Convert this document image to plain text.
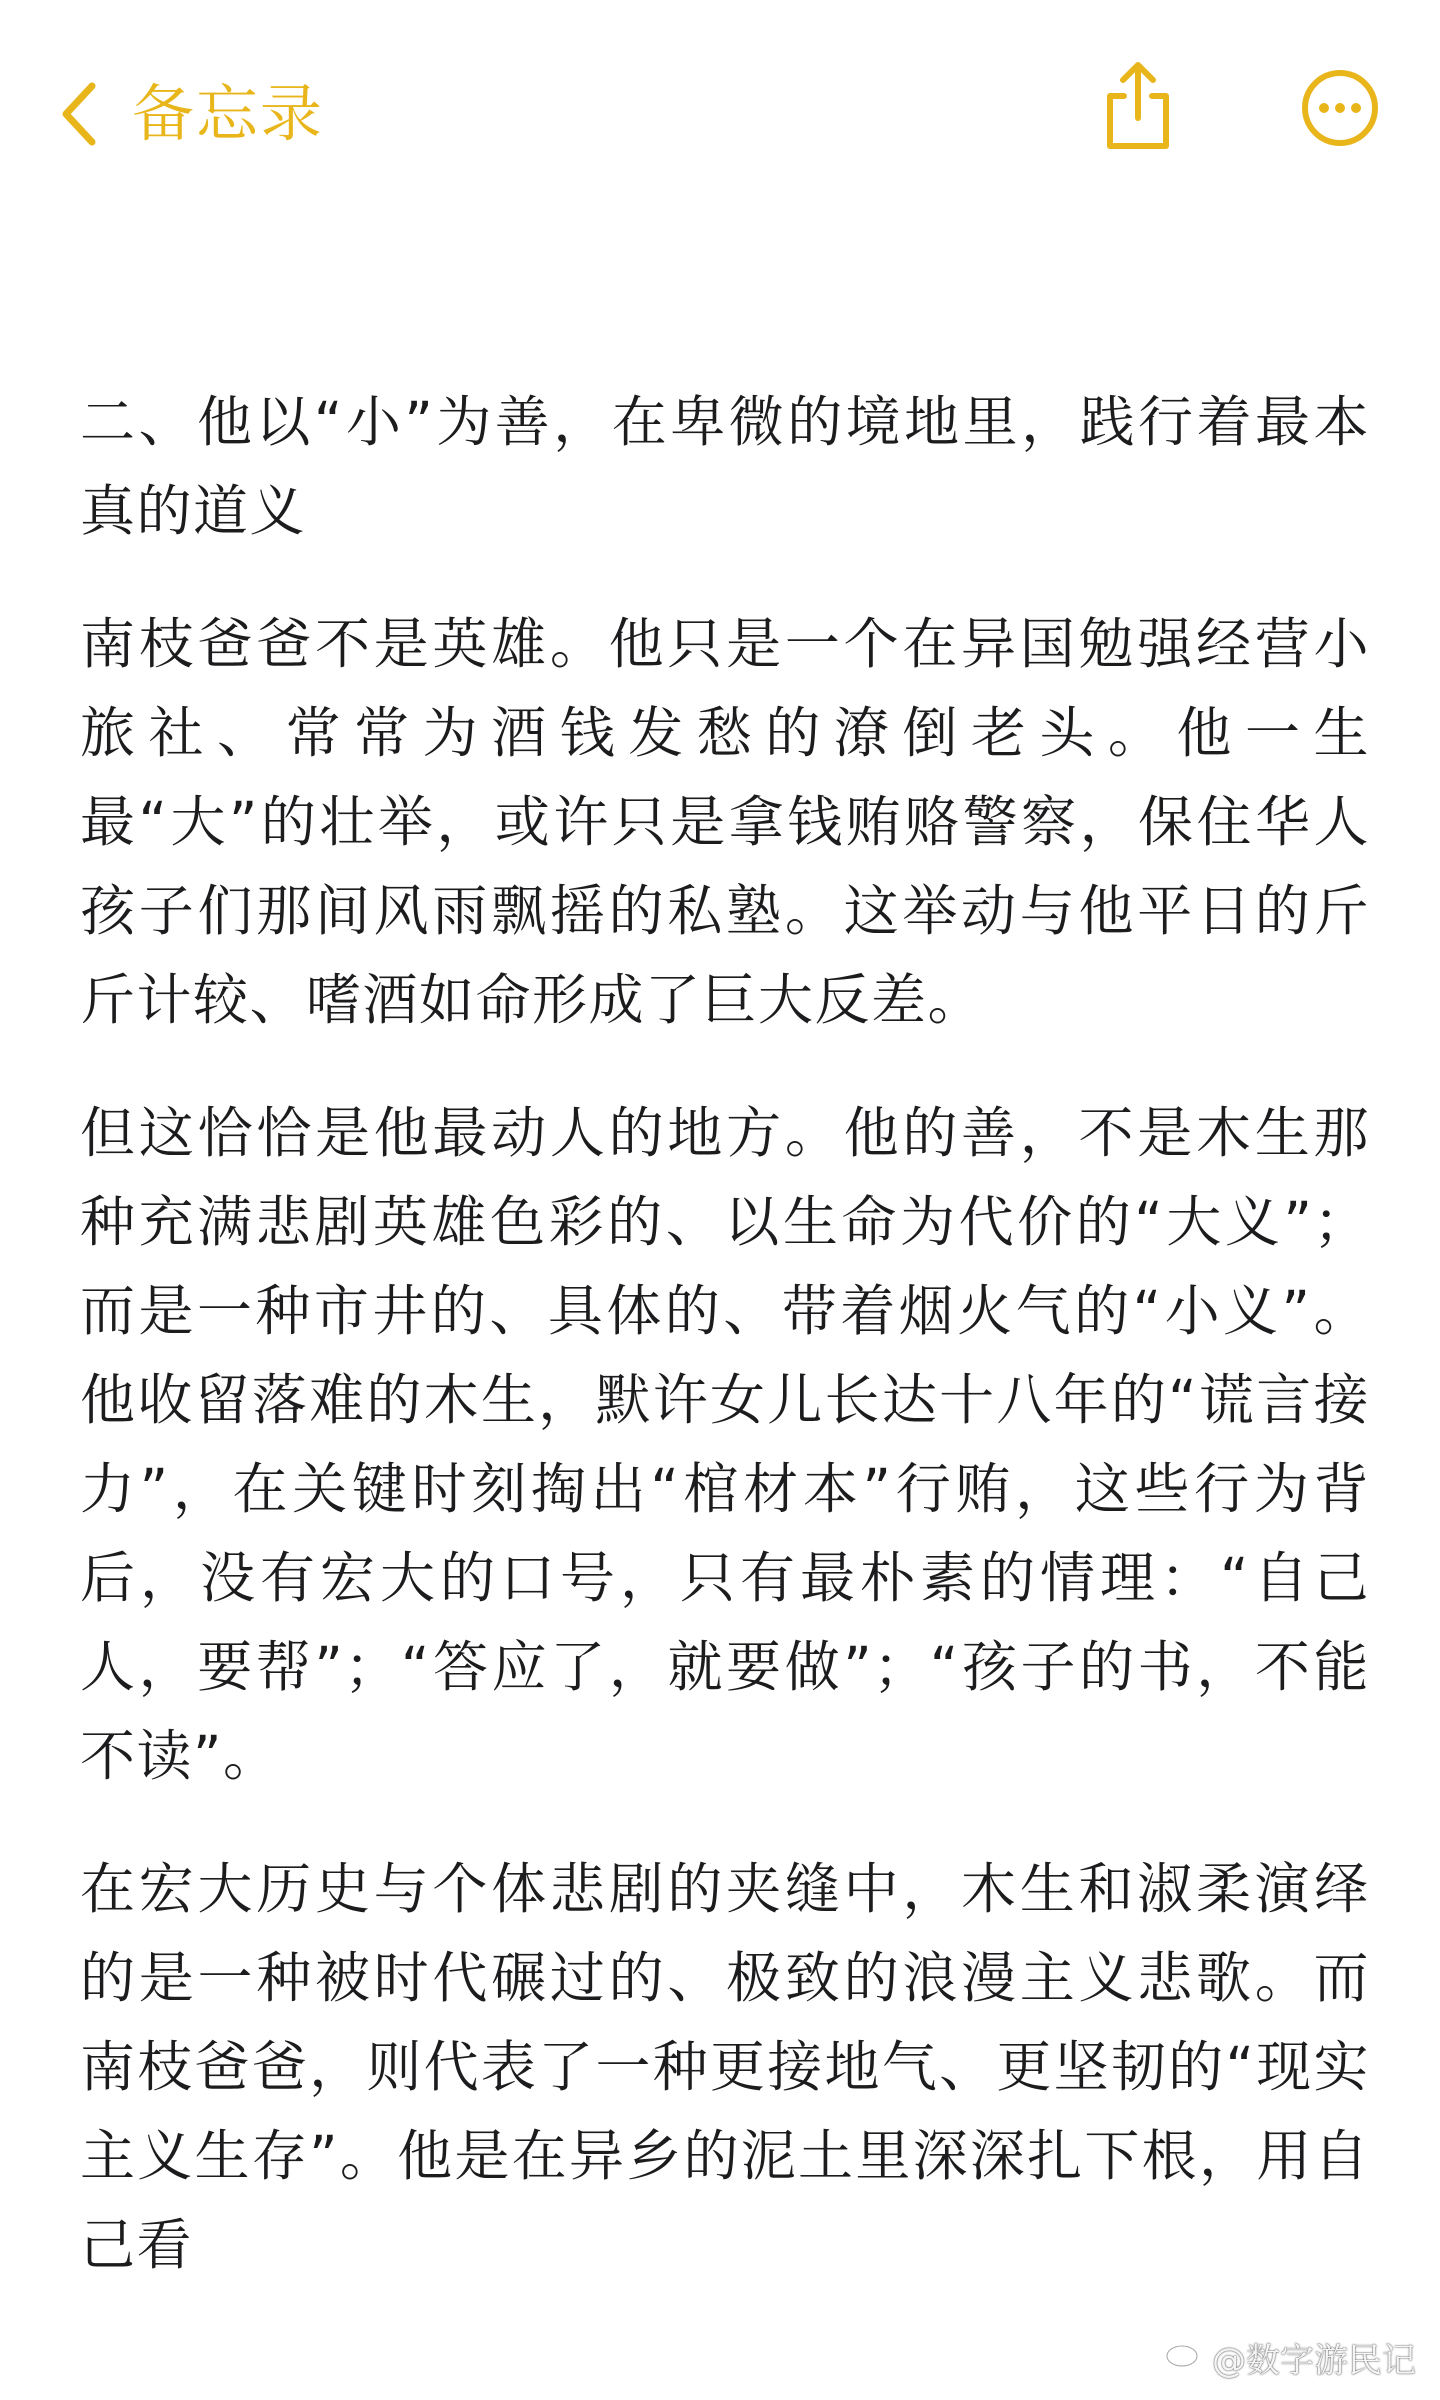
备忘录

二、他以“小”为善，在卑微的境地里，践行着最本真的道义

南枝爸爸不是英雄。他只是一个在异国勉强经营小旅社、常常为酒钱发愁的潦倒老头。他一生最“大”的壮举，或许只是拿钱贿赂警察，保住华人孩子们那间风雨飘摇的私塾。这举动与他平日的斤斤计较、嗜酒如命形成了巨大反差。

但这恰恰是他最动人的地方。他的善，不是木生那种充满悲剧英雄色彩的、以生命为代价的“大义”；而是一种市井的、具体的、带着烟火气的“小义”。他收留落难的木生，默许女儿长达十八年的“谎言接力”，在关键时刻掏出“棺材本”行贿，这些行为背后，没有宏大的口号，只有最朴素的情理：“自己人，要帮”；“答应了，就要做”；“孩子的书，不能不读”。

在宏大历史与个体悲剧的夹缝中，木生和淑柔演绎的是一种被时代碾过的、极致的浪漫主义悲歌。而南枝爸爸，则代表了一种更接地气、更坚韧的“现实主义生存”。他是在异乡的泥土里深深扎下根，用自己看

@数字游民记
